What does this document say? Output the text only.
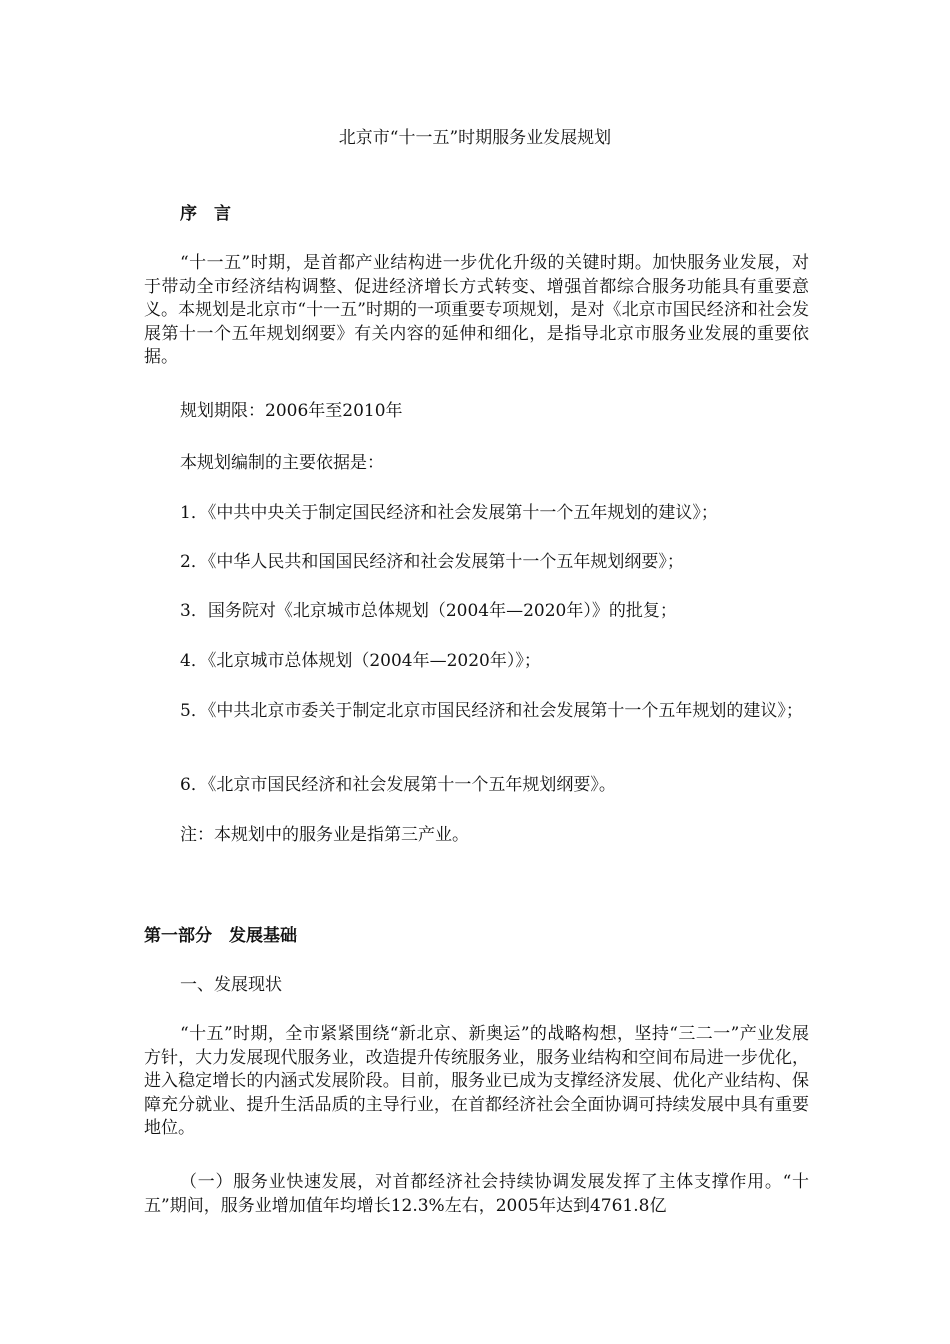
北京市“十一五”时期服务业发展规划

序　言

“十一五”时期，是首都产业结构进一步优化升级的关键时期。加快服务业发展，对于带动全市经济结构调整、促进经济增长方式转变、增强首都综合服务功能具有重要意义。本规划是北京市“十一五”时期的一项重要专项规划，是对《北京市国民经济和社会发展第十一个五年规划纲要》有关内容的延伸和细化，是指导北京市服务业发展的重要依据。

规划期限：2006年至2010年

本规划编制的主要依据是：

1．《中共中央关于制定国民经济和社会发展第十一个五年规划的建议》；

2．《中华人民共和国国民经济和社会发展第十一个五年规划纲要》；

3．国务院对《北京城市总体规划（2004年—2020年）》的批复；

4．《北京城市总体规划（2004年—2020年）》；

5．《中共北京市委关于制定北京市国民经济和社会发展第十一个五年规划的建议》；

6．《北京市国民经济和社会发展第十一个五年规划纲要》。

注：本规划中的服务业是指第三产业。

第一部分　发展基础

一、发展现状

“十五”时期，全市紧紧围绕“新北京、新奥运”的战略构想，坚持“三二一”产业发展方针，大力发展现代服务业，改造提升传统服务业，服务业结构和空间布局进一步优化，进入稳定增长的内涵式发展阶段。目前，服务业已成为支撑经济发展、优化产业结构、保障充分就业、提升生活品质的主导行业，在首都经济社会全面协调可持续发展中具有重要地位。

（一）服务业快速发展，对首都经济社会持续协调发展发挥了主体支撑作用。“十五”期间，服务业增加值年均增长12.3%左右，2005年达到4761.8亿
